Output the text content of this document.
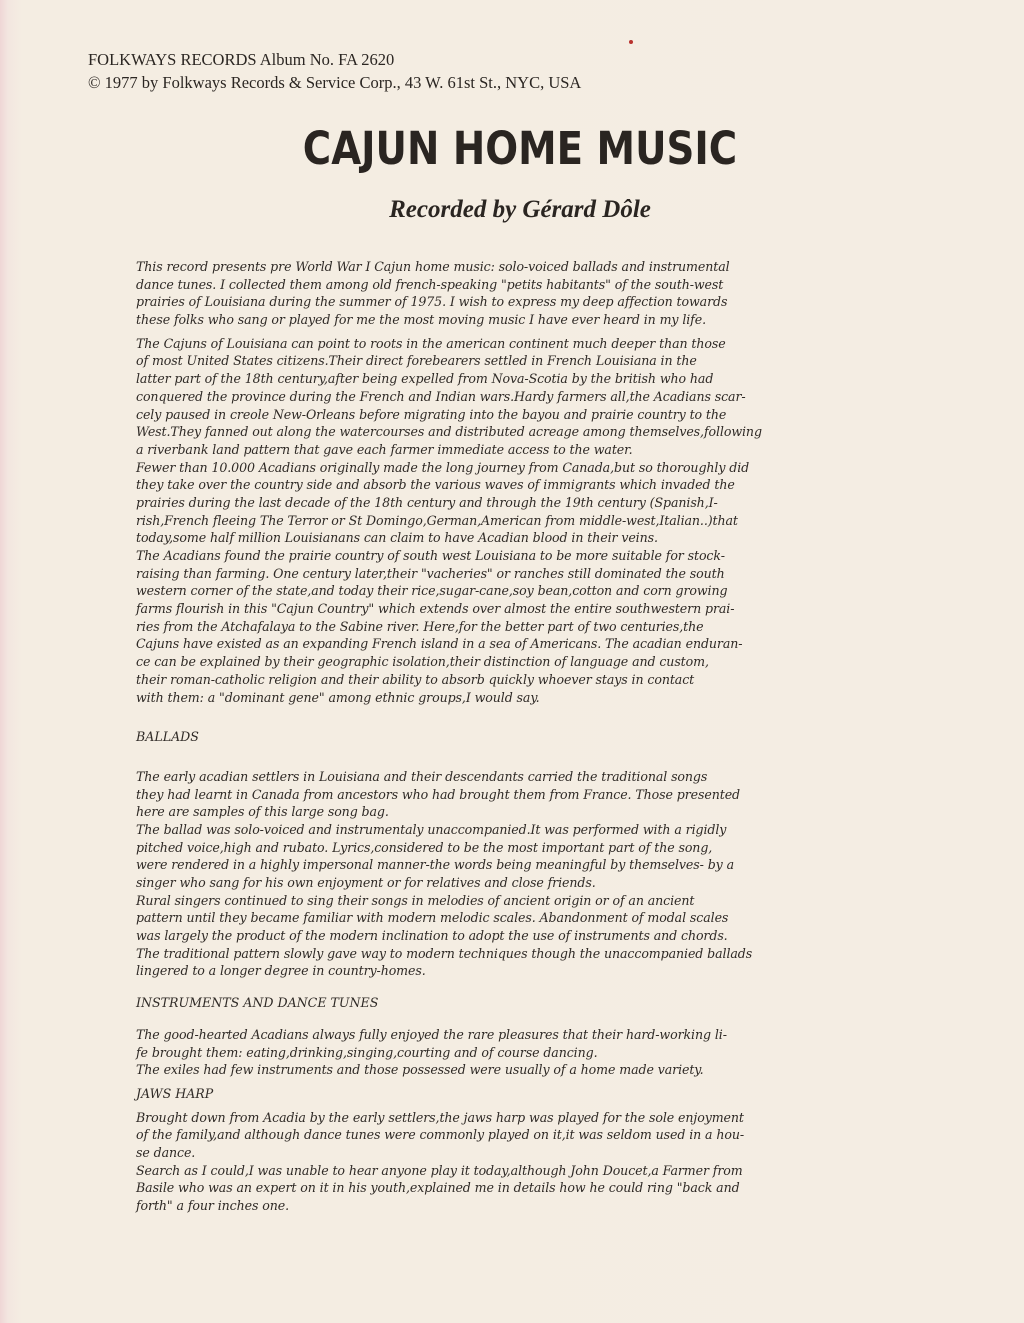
FOLKWAYS RECORDS Album No. FA 2620
© 1977 by Folkways Records & Service Corp., 43 W. 61st St., NYC, USA
CAJUN HOME MUSIC
Recorded by Gérard Dôle
This record presents pre World War I Cajun home music: solo-voiced ballads and instrumental
dance tunes. I collected them among old french-speaking "petits habitants" of the south-west
prairies of Louisiana during the summer of 1975. I wish to express my deep affection towards
these folks who sang or played for me the most moving music I have ever heard in my life.
The Cajuns of Louisiana can point to roots in the american continent much deeper than those
of most United States citizens.Their direct forebearers settled in French Louisiana in the
latter part of the 18th century,after being expelled from Nova-Scotia by the british who had
conquered the province during the French and Indian wars.Hardy farmers all,the Acadians scar-
cely paused in creole New-Orleans before migrating into the bayou and prairie country to the
West.They fanned out along the watercourses and distributed acreage among themselves,following
a riverbank land pattern that gave each farmer immediate access to the water.
Fewer than 10.000 Acadians originally made the long journey from Canada,but so thoroughly did
they take over the country side and absorb the various waves of immigrants which invaded the
prairies during the last decade of the 18th century and through the 19th century (Spanish,I-
rish,French fleeing The Terror or St Domingo,German,American from middle-west,Italian..)that
today,some half million Louisianans can claim to have Acadian blood in their veins.
The Acadians found the prairie country of south west Louisiana to be more suitable for stock-
raising than farming. One century later,their "vacheries" or ranches still dominated the south
western corner of the state,and today their rice,sugar-cane,soy bean,cotton and corn growing
farms flourish in this "Cajun Country" which extends over almost the entire southwestern prai-
ries from the Atchafalaya to the Sabine river. Here,for the better part of two centuries,the
Cajuns have existed as an expanding French island in a sea of Americans. The acadian enduran-
ce can be explained by their geographic isolation,their distinction of language and custom,
their roman-catholic religion and their ability to absorb quickly whoever stays in contact
with them: a "dominant gene" among ethnic groups,I would say.
BALLADS
The early acadian settlers in Louisiana and their descendants carried the traditional songs
they had learnt in Canada from ancestors who had brought them from France. Those presented
here are samples of this large song bag.
The ballad was solo-voiced and instrumentaly unaccompanied.It was performed with a rigidly
pitched voice,high and rubato. Lyrics,considered to be the most important part of the song,
were rendered in a highly impersonal manner-the words being meaningful by themselves- by a
singer who sang for his own enjoyment or for relatives and close friends.
Rural singers continued to sing their songs in melodies of ancient origin or of an ancient
pattern until they became familiar with modern melodic scales. Abandonment of modal scales
was largely the product of the modern inclination to adopt the use of instruments and chords.
The traditional pattern slowly gave way to modern techniques though the unaccompanied ballads
lingered to a longer degree in country-homes.
INSTRUMENTS AND DANCE TUNES
The good-hearted Acadians always fully enjoyed the rare pleasures that their hard-working li-
fe brought them: eating,drinking,singing,courting and of course dancing.
The exiles had few instruments and those possessed were usually of a home made variety.
JAWS HARP
Brought down from Acadia by the early settlers,the jaws harp was played for the sole enjoyment
of the family,and although dance tunes were commonly played on it,it was seldom used in a hou-
se dance.
Search as I could,I was unable to hear anyone play it today,although John Doucet,a Farmer from
Basile who was an expert on it in his youth,explained me in details how he could ring "back and
forth" a four inches one.
